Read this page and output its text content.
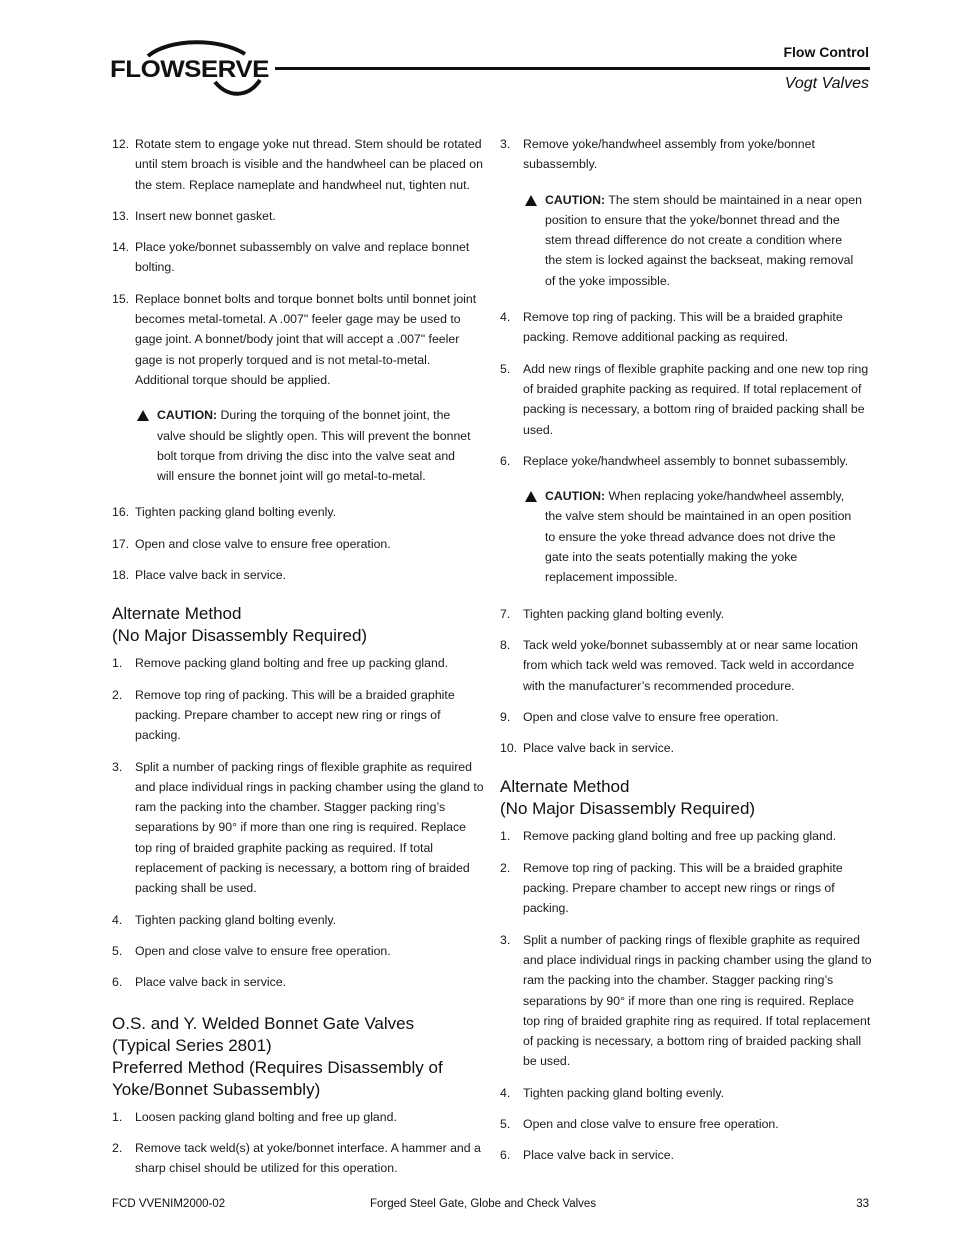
FLOWSERVE
Flow Control
Vogt Valves
12. Rotate stem to engage yoke nut thread. Stem should be rotated until stem broach is visible and the handwheel can be placed on the stem. Replace nameplate and handwheel nut, tighten nut.
13. Insert new bonnet gasket.
14. Place yoke/bonnet subassembly on valve and replace bonnet bolting.
15. Replace bonnet bolts and torque bonnet bolts until bonnet joint becomes metal-tometal. A .007" feeler gage may be used to gage joint. A bonnet/body joint that will accept a .007" feeler gage is not properly torqued and is not metal-to-metal. Additional torque should be applied.
CAUTION: During the torquing of the bonnet joint, the valve should be slightly open. This will prevent the bonnet bolt torque from driving the disc into the valve seat and will ensure the bonnet joint will go metal-to-metal.
16. Tighten packing gland bolting evenly.
17. Open and close valve to ensure free operation.
18. Place valve back in service.
Alternate Method
(No Major Disassembly Required)
1. Remove packing gland bolting and free up packing gland.
2. Remove top ring of packing. This will be a braided graphite packing. Prepare chamber to accept new ring or rings of packing.
3. Split a number of packing rings of flexible graphite as required and place individual rings in packing chamber using the gland to ram the packing into the chamber. Stagger packing ring’s separations by 90° if more than one ring is required. Replace top ring of braided graphite packing as required. If total replacement of packing is necessary, a bottom ring of braided packing shall be used.
4. Tighten packing gland bolting evenly.
5. Open and close valve to ensure free operation.
6. Place valve back in service.
O.S. and Y. Welded Bonnet Gate Valves
(Typical Series 2801)
Preferred Method (Requires Disassembly of
Yoke/Bonnet Subassembly)
1. Loosen packing gland bolting and free up gland.
2. Remove tack weld(s) at yoke/bonnet interface. A hammer and a sharp chisel should be utilized for this operation.
3. Remove yoke/handwheel assembly from yoke/bonnet subassembly.
CAUTION: The stem should be maintained in a near open position to ensure that the yoke/bonnet thread and the stem thread difference do not create a condition where the stem is locked against the backseat, making removal of the yoke impossible.
4. Remove top ring of packing. This will be a braided graphite packing. Remove additional packing as required.
5. Add new rings of flexible graphite packing and one new top ring of braided graphite packing as required. If total replacement of packing is necessary, a bottom ring of braided packing shall be used.
6. Replace yoke/handwheel assembly to bonnet subassembly.
CAUTION: When replacing yoke/handwheel assembly, the valve stem should be maintained in an open position to ensure the yoke thread advance does not drive the gate into the seats potentially making the yoke replacement impossible.
7. Tighten packing gland bolting evenly.
8. Tack weld yoke/bonnet subassembly at or near same location from which tack weld was removed. Tack weld in accordance with the manufacturer’s recommended procedure.
9. Open and close valve to ensure free operation.
10. Place valve back in service.
Alternate Method
(No Major Disassembly Required)
1. Remove packing gland bolting and free up packing gland.
2. Remove top ring of packing. This will be a braided graphite packing. Prepare chamber to accept new rings or rings of packing.
3. Split a number of packing rings of flexible graphite as required and place individual rings in packing chamber using the gland to ram the packing into the chamber. Stagger packing ring’s separations by 90° if more than one ring is required. Replace top ring of braided graphite ring as required. If total replacement of packing is necessary, a bottom ring of braided packing shall be used.
4. Tighten packing gland bolting evenly.
5. Open and close valve to ensure free operation.
6. Place valve back in service.
FCD VVENIM2000-02	Forged Steel Gate, Globe and Check Valves	33
